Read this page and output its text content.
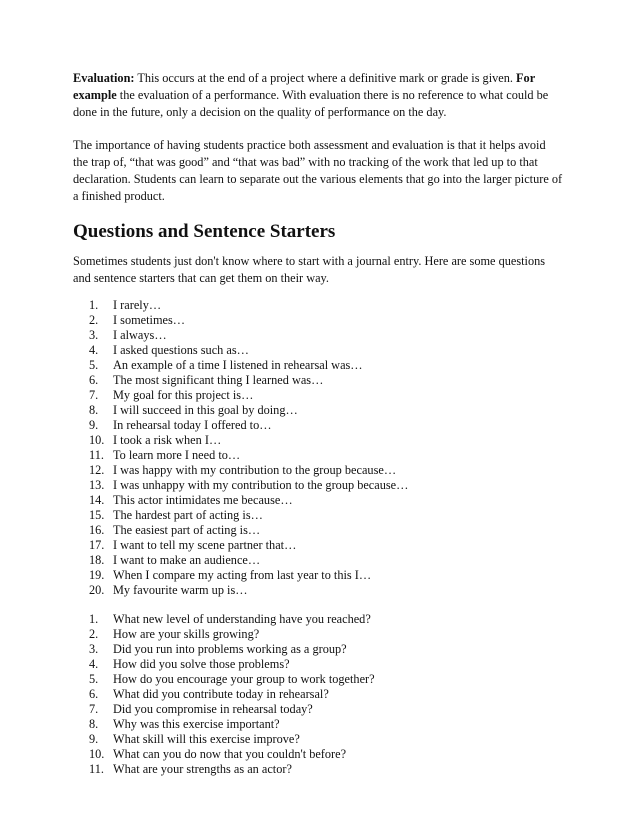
Evaluation: This occurs at the end of a project where a definitive mark or grade is given. For example the evaluation of a performance. With evaluation there is no reference to what could be done in the future, only a decision on the quality of performance on the day.

The importance of having students practice both assessment and evaluation is that it helps avoid the trap of, “that was good” and “that was bad” with no tracking of the work that led up to that declaration. Students can learn to separate out the various elements that go into the larger picture of a finished product.

Questions and Sentence Starters

Sometimes students just don't know where to start with a journal entry. Here are some questions and sentence starters that can get them on their way.

1. I rarely…
2. I sometimes…
3. I always…
4. I asked questions such as…
5. An example of a time I listened in rehearsal was…
6. The most significant thing I learned was…
7. My goal for this project is…
8. I will succeed in this goal by doing…
9. In rehearsal today I offered to…
10. I took a risk when I…
11. To learn more I need to…
12. I was happy with my contribution to the group because…
13. I was unhappy with my contribution to the group because…
14. This actor intimidates me because…
15. The hardest part of acting is…
16. The easiest part of acting is…
17. I want to tell my scene partner that…
18. I want to make an audience…
19. When I compare my acting from last year to this I…
20. My favourite warm up is…
1. What new level of understanding have you reached?
2. How are your skills growing?
3. Did you run into problems working as a group?
4. How did you solve those problems?
5. How do you encourage your group to work together?
6. What did you contribute today in rehearsal?
7. Did you compromise in rehearsal today?
8. Why was this exercise important?
9. What skill will this exercise improve?
10. What can you do now that you couldn't before?
11. What are your strengths as an actor?
